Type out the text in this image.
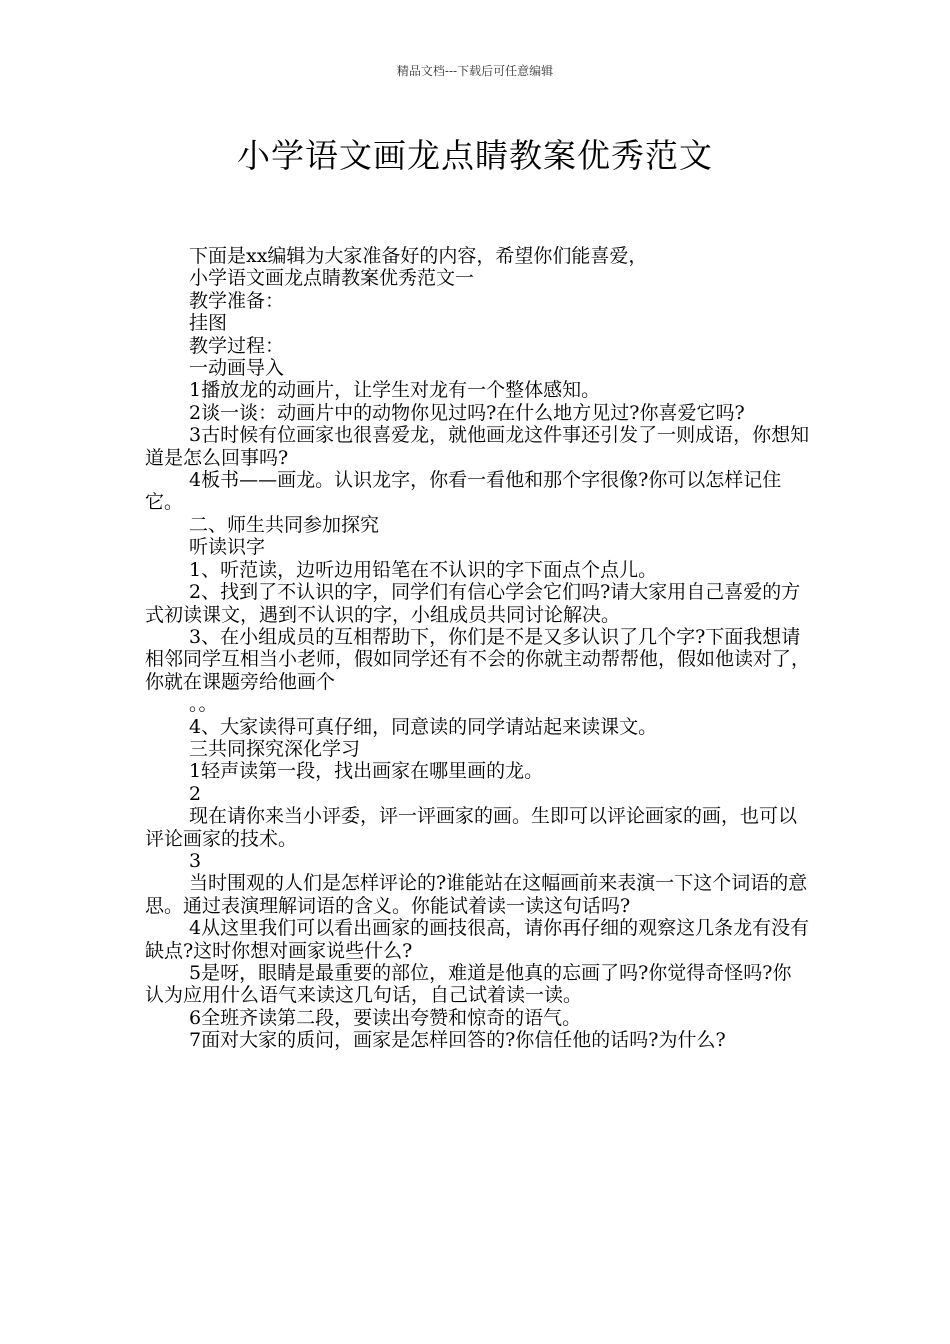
精品文档---下载后可任意编辑
小学语文画龙点睛教案优秀范文

下面是xx编辑为大家准备好的内容，希望你们能喜爱，

小学语文画龙点睛教案优秀范文一

教学准备：

挂图

教学过程：

一动画导入

1播放龙的动画片，让学生对龙有一个整体感知。

2谈一谈：动画片中的动物你见过吗?在什么地方见过?你喜爱它吗?

3古时候有位画家也很喜爱龙，就他画龙这件事还引发了一则成语，你想知道是怎么回事吗?

4板书——画龙。认识龙字，你看一看他和那个字很像?你可以怎样记住它。

二、师生共同参加探究

听读识字

1、听范读，边听边用铅笔在不认识的字下面点个点儿。

2、找到了不认识的字，同学们有信心学会它们吗?请大家用自己喜爱的方式初读课文，遇到不认识的字，小组成员共同讨论解决。

3、在小组成员的互相帮助下，你们是不是又多认识了几个字?下面我想请相邻同学互相当小老师，假如同学还有不会的你就主动帮帮他，假如他读对了，你就在课题旁给他画个

。。

4、大家读得可真仔细，同意读的同学请站起来读课文。

三共同探究深化学习

1轻声读第一段，找出画家在哪里画的龙。

2

现在请你来当小评委，评一评画家的画。生即可以评论画家的画，也可以评论画家的技术。

3

当时围观的人们是怎样评论的?谁能站在这幅画前来表演一下这个词语的意思。通过表演理解词语的含义。你能试着读一读这句话吗?

4从这里我们可以看出画家的画技很高，请你再仔细的观察这几条龙有没有缺点?这时你想对画家说些什么?

5是呀，眼睛是最重要的部位，难道是他真的忘画了吗?你觉得奇怪吗?你认为应用什么语气来读这几句话，自己试着读一读。

6全班齐读第二段，要读出夸赞和惊奇的语气。

7面对大家的质问，画家是怎样回答的?你信任他的话吗?为什么?
